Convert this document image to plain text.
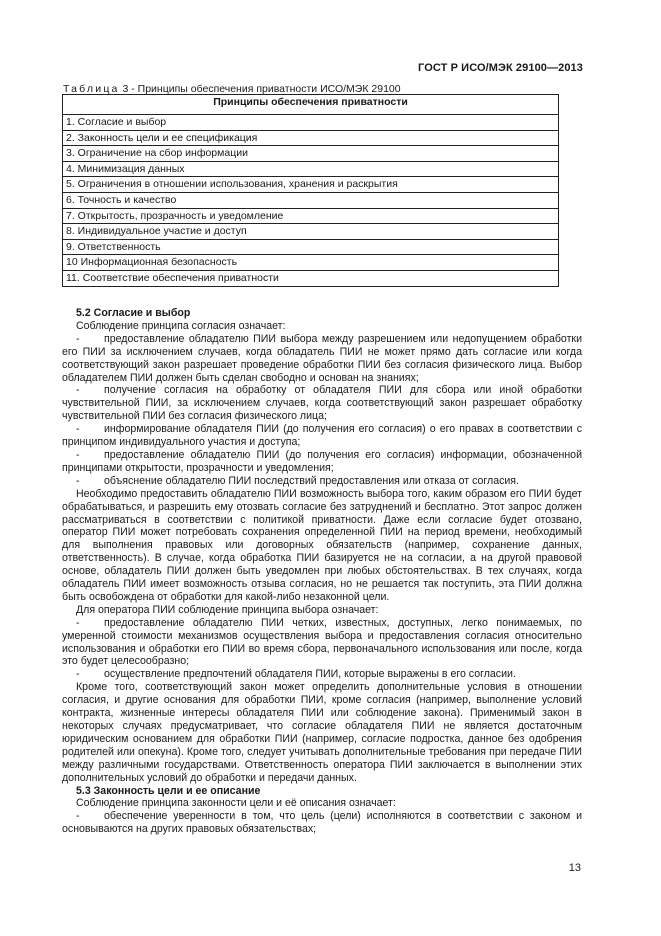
ГОСТ Р ИСО/МЭК 29100—2013
Таблица 3 - Принципы обеспечения приватности ИСО/МЭК 29100
Принципы обеспечения приватности
1. Согласие и выбор
2. Законность цели и ее спецификация
3. Ограничение на сбор информации
4. Минимизация данных
5. Ограничения в отношении использования, хранения и раскрытия
6. Точность и качество
7. Открытость, прозрачность и уведомление
8. Индивидуальное участие и доступ
9. Ответственность
10 Информационная безопасность
11. Соответствие обеспечения приватности

5.2 Согласие и выбор

Соблюдение принципа согласия означает:

- предоставление обладателю ПИИ выбора между разрешением или недопущением обработки его ПИИ за исключением случаев, когда обладатель ПИИ не может прямо дать согласие или когда соответствующий закон разрешает проведение обработки ПИИ без согласия физического лица. Выбор обладателем ПИИ должен быть сделан свободно и основан на знаниях;

- получение согласия на обработку от обладателя ПИИ для сбора или иной обработки чувствительной ПИИ, за исключением случаев, когда соответствующий закон разрешает обработку чувствительной ПИИ без согласия физического лица;

- информирование обладателя ПИИ (до получения его согласия) о его правах в соответствии с принципом индивидуального участия и доступа;

- предоставление обладателю ПИИ (до получения его согласия) информации, обозначенной принципами открытости, прозрачности и уведомления;

- объяснение обладателю ПИИ последствий предоставления или отказа от согласия.

Необходимо предоставить обладателю ПИИ возможность выбора того, каким образом его ПИИ будет обрабатываться, и разрешить ему отозвать согласие без затруднений и бесплатно. Этот запрос должен рассматриваться в соответствии с политикой приватности. Даже если согласие будет отозвано, оператор ПИИ может потребовать сохранения определенной ПИИ на период времени, необходимый для выполнения правовых или договорных обязательств (например, сохранение данных, ответственность). В случае, когда обработка ПИИ базируется не на согласии, а на другой правовой основе, обладатель ПИИ должен быть уведомлен при любых обстоятельствах. В тех случаях, когда обладатель ПИИ имеет возможность отзыва согласия, но не решается так поступить, эта ПИИ должна быть освобождена от обработки для какой-либо незаконной цели.

Для оператора ПИИ соблюдение принципа выбора означает:

- предоставление обладателю ПИИ четких, известных, доступных, легко понимаемых, по умеренной стоимости механизмов осуществления выбора и предоставления согласия относительно использования и обработки его ПИИ во время сбора, первоначального использования или после, когда это будет целесообразно;

- осуществление предпочтений обладателя ПИИ, которые выражены в его согласии.

Кроме того, соответствующий закон может определить дополнительные условия в отношении согласия, и другие основания для обработки ПИИ, кроме согласия (например, выполнение условий контракта, жизненные интересы обладателя ПИИ или соблюдение закона). Применимый закон в некоторых случаях предусматривает, что согласие обладателя ПИИ не является достаточным юридическим основанием для обработки ПИИ (например, согласие подростка, данное без одобрения родителей или опекуна). Кроме того, следует учитывать дополнительные требования при передаче ПИИ между различными государствами. Ответственность оператора ПИИ заключается в выполнении этих дополнительных условий до обработки и передачи данных.

5.3 Законность цели и ее описание

Соблюдение принципа законности цели и её описания означает:

- обеспечение уверенности в том, что цель (цели) исполняются в соответствии с законом и основываются на других правовых обязательствах;

13
